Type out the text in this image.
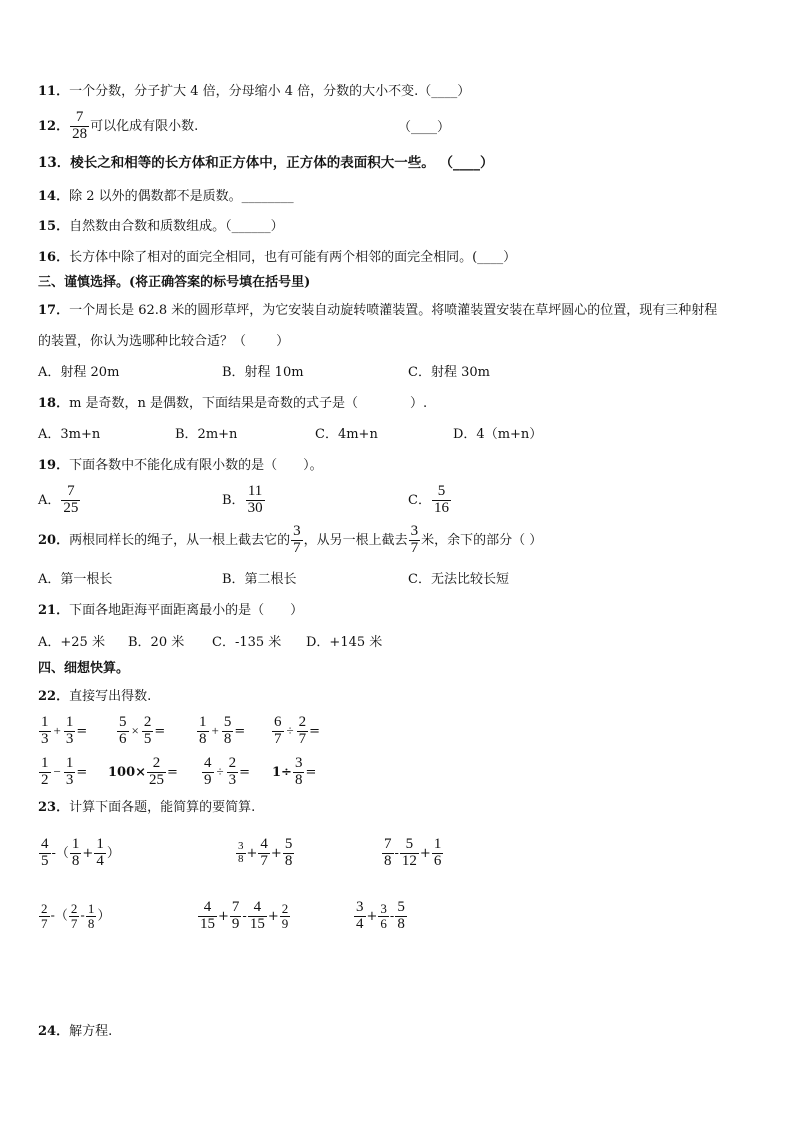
11．一个分数，分子扩大 4 倍，分母缩小 4 倍，分数的大小不变.（____）
12． $\frac{7}{28}$ 可以化成有限小数.	（____）
13．棱长之和相等的长方体和正方体中，正方体的表面积大一些。 （____）
14．除 2 以外的偶数都不是质数。________
15．自然数由合数和质数组成。（______）
16．长方体中除了相对的面完全相同，也有可能有两个相邻的面完全相同。(____）
三、谨慎选择。(将正确答案的标号填在括号里)
17．一个周长是 62.8 米的圆形草坪，为它安装自动旋转喷灌装置。将喷灌装置安装在草坪圆心的位置，现有三种射程
的装置，你认为选哪种比较合适？（ 　　）
A．射程 20m	B．射程 10m	C．射程 30m
18．m 是奇数，n 是偶数，下面结果是奇数的式子是（　　　　）.
A．3m+n	B．2m+n	C．4m+n	D．4（m+n）
19．下面各数中不能化成有限小数的是（　　）。
A． $\frac{7}{25}$	B． $\frac{11}{30}$	C． $\frac{5}{16}$
20．两根同样长的绳子，从一根上截去它的 $\frac{3}{7}$ ，从另一根上截去 $\frac{3}{7}$ 米，余下的部分（ ）
A．第一根长	B．第二根长	C．无法比较长短
21．下面各地距海平面距离最小的是（　　）
A．+25 米 B．20 米 C．-135 米 D．+145 米
四、细想快算。
22．直接写出得数.
$\frac{1}{3} + \frac{1}{3} = \frac{5}{6} \times \frac{2}{5} = \frac{1}{8} + \frac{5}{8} = \frac{6}{7} \div \frac{2}{7}$ =
$\frac{1}{2} - \frac{1}{3} = 100\times \frac{2}{25} = \frac{4}{9} \div \frac{2}{3} = 1\div \frac{3}{8}$ =
23．计算下面各题，能简算的要简算.
$\frac{4}{5}$ -（ $\frac{1}{8} + \frac{1}{4}$ ）	$\frac{3}{8} + \frac{4}{7} + \frac{5}{8}$	$\frac{7}{8} - \frac{5}{12} + \frac{1}{6}$
$\frac{2}{7}$ -（ $\frac{2}{7} - \frac{1}{8}$ ）	$\frac{4}{15} + \frac{7}{9} - \frac{4}{15} + \frac{2}{9}$	$\frac{3}{4} + \frac{3}{6} - \frac{5}{8}$
24．解方程.
